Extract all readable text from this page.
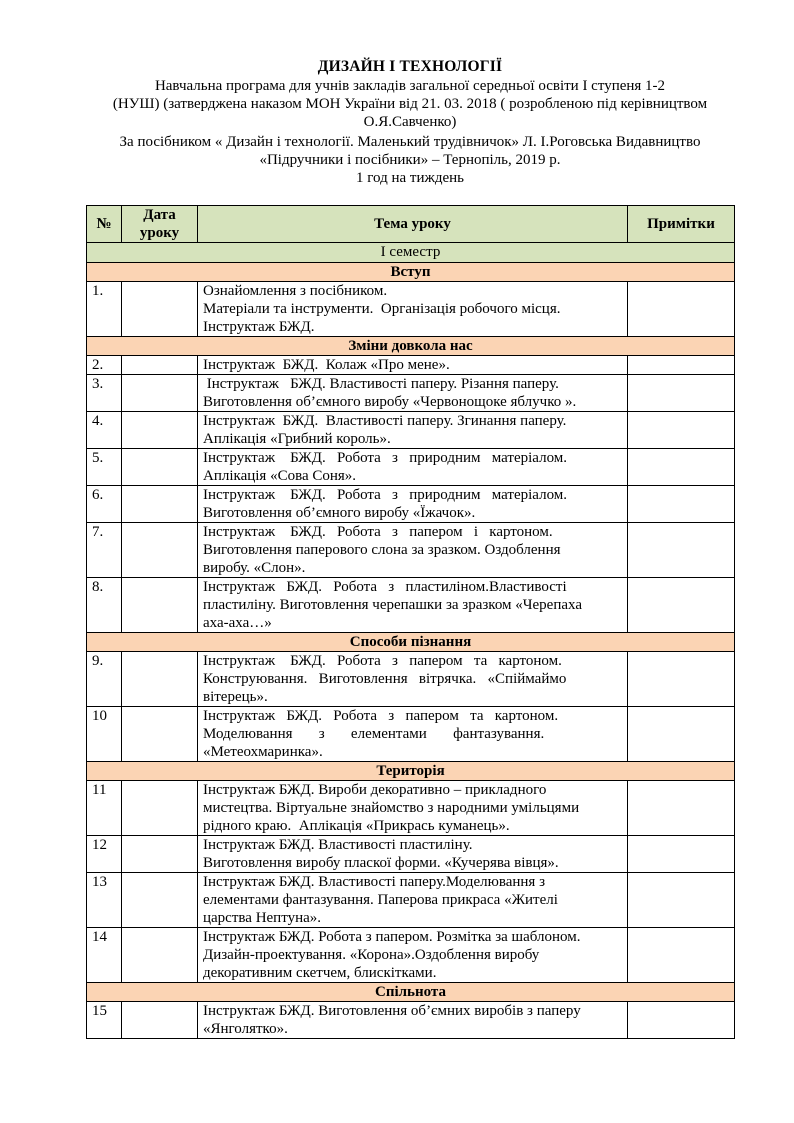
ДИЗАЙН І ТЕХНОЛОГІЇ
Навчальна програма для учнів закладів загальної середньої освіти І ступеня 1-2
(НУШ) (затверджена наказом МОН України від 21. 03. 2018 ( розробленою під керівництвом
О.Я.Савченко)
За посібником « Дизайн і технології. Маленький трудівничок» Л. І.Роговська Видавництво
«Підручники і посібники» – Тернопіль, 2019 р.
1 год на тиждень
№	Дата уроку	Тема уроку	Примітки
І семестр			
Вступ			
1.		Ознайомлення з посібником.
Матеріали та інструменти.  Організація робочого місця.
Інструктаж БЖД.	

Зміни довкола нас			
2.		Інструктаж  БЖД.  Колаж «Про мене».	

3.		Інструктаж   БЖД. Властивості паперу. Різання паперу.
Виготовлення об’ємного виробу «Червонощоке яблучко ».	

4.		Інструктаж  БЖД.  Властивості паперу. Згинання паперу.
Аплікація «Грибний король».	

5.		Інструктаж    БЖД.   Робота   з   природним   матеріалом.
Аплікація «Сова Соня».	

6.		Інструктаж    БЖД.   Робота   з   природним   матеріалом.
Виготовлення об’ємного виробу «Їжачок».	

7.		Інструктаж    БЖД.   Робота   з   папером   і   картоном.
Виготовлення паперового слона за зразком. Оздоблення
виробу. «Слон».	

8.		Інструктаж   БЖД.   Робота   з   пластиліном.Властивості
пластиліну. Виготовлення черепашки за зразком «Черепаха
аха-аха…»	

Способи пізнання			
9.		Інструктаж    БЖД.   Робота   з   папером   та   картоном.
Конструювання.   Виготовлення   вітрячка.   «Спіймаймо
вітерець».	

10		Інструктаж   БЖД.   Робота   з   папером   та   картоном.
Моделювання       з       елементами       фантазування.
«Метеохмаринка».	

Територія			
11		Інструктаж БЖД. Вироби декоративно – прикладного
мистецтва. Віртуальне знайомство з народними умільцями
рідного краю.  Аплікація «Прикрась куманець».	

12		Інструктаж БЖД. Властивості пластиліну.
Виготовлення виробу пласкої форми. «Кучерява вівця».	

13		Інструктаж БЖД. Властивості паперу.Моделювання з
елементами фантазування. Паперова прикраса «Жителі
царства Нептуна».	

14		Інструктаж БЖД. Робота з папером. Розмітка за шаблоном.
Дизайн-проектування. «Корона».Оздоблення виробу
декоративним скетчем, блискітками.	

Спільнота			
15		Інструктаж БЖД. Виготовлення об’ємних виробів з паперу
«Янголятко».	
